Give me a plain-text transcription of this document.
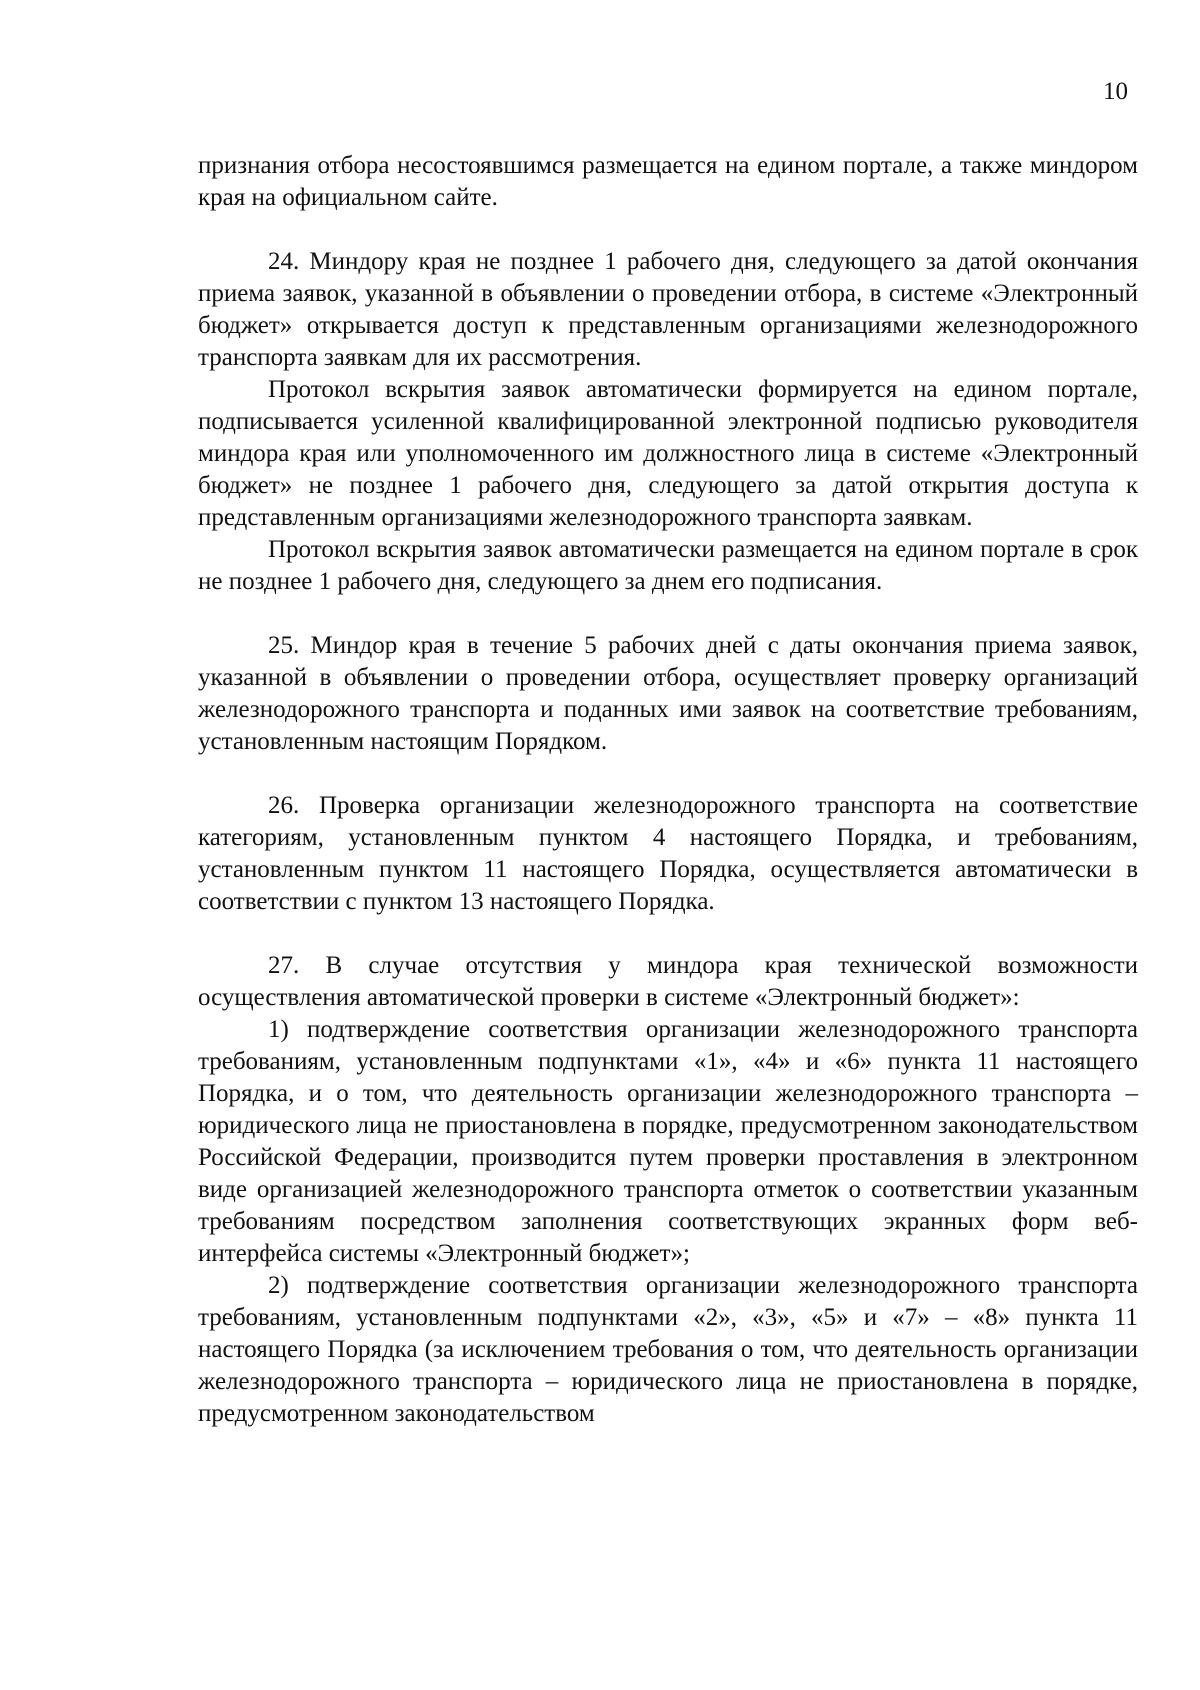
10

признания отбора несостоявшимся размещается на едином портале, а также миндором края на официальном сайте.

24. Миндору края не позднее 1 рабочего дня, следующего за датой окончания приема заявок, указанной в объявлении о проведении отбора, в системе «Электронный бюджет» открывается доступ к представленным организациями железнодорожного транспорта заявкам для их рассмотрения.

Протокол вскрытия заявок автоматически формируется на едином портале, подписывается усиленной квалифицированной электронной подписью руководителя миндора края или уполномоченного им должностного лица в системе «Электронный бюджет» не позднее 1 рабочего дня, следующего за датой открытия доступа к представленным организациями железнодорожного транспорта заявкам.

Протокол вскрытия заявок автоматически размещается на едином портале в срок не позднее 1 рабочего дня, следующего за днем его подписания.

25. Миндор края в течение 5 рабочих дней с даты окончания приема заявок, указанной в объявлении о проведении отбора, осуществляет проверку организаций железнодорожного транспорта и поданных ими заявок на соответствие требованиям, установленным настоящим Порядком.

26. Проверка организации железнодорожного транспорта на соответствие категориям, установленным пунктом 4 настоящего Порядка, и требованиям, установленным пунктом 11 настоящего Порядка, осуществляется автоматически в соответствии с пунктом 13 настоящего Порядка.

27. В случае отсутствия у миндора края технической возможности осуществления автоматической проверки в системе «Электронный бюджет»:

1) подтверждение соответствия организации железнодорожного транспорта требованиям, установленным подпунктами «1», «4» и «6» пункта 11 настоящего Порядка, и о том, что деятельность организации железнодорожного транспорта – юридического лица не приостановлена в порядке, предусмотренном законодательством Российской Федерации, производится путем проверки проставления в электронном виде организацией железнодорожного транспорта отметок о соответствии указанным требованиям посредством заполнения соответствующих экранных форм веб-интерфейса системы «Электронный бюджет»;

2) подтверждение соответствия организации железнодорожного транспорта требованиям, установленным подпунктами «2», «3», «5» и «7» – «8» пункта 11 настоящего Порядка (за исключением требования о том, что деятельность организации железнодорожного транспорта – юридического лица не приостановлена в порядке, предусмотренном законодательством
